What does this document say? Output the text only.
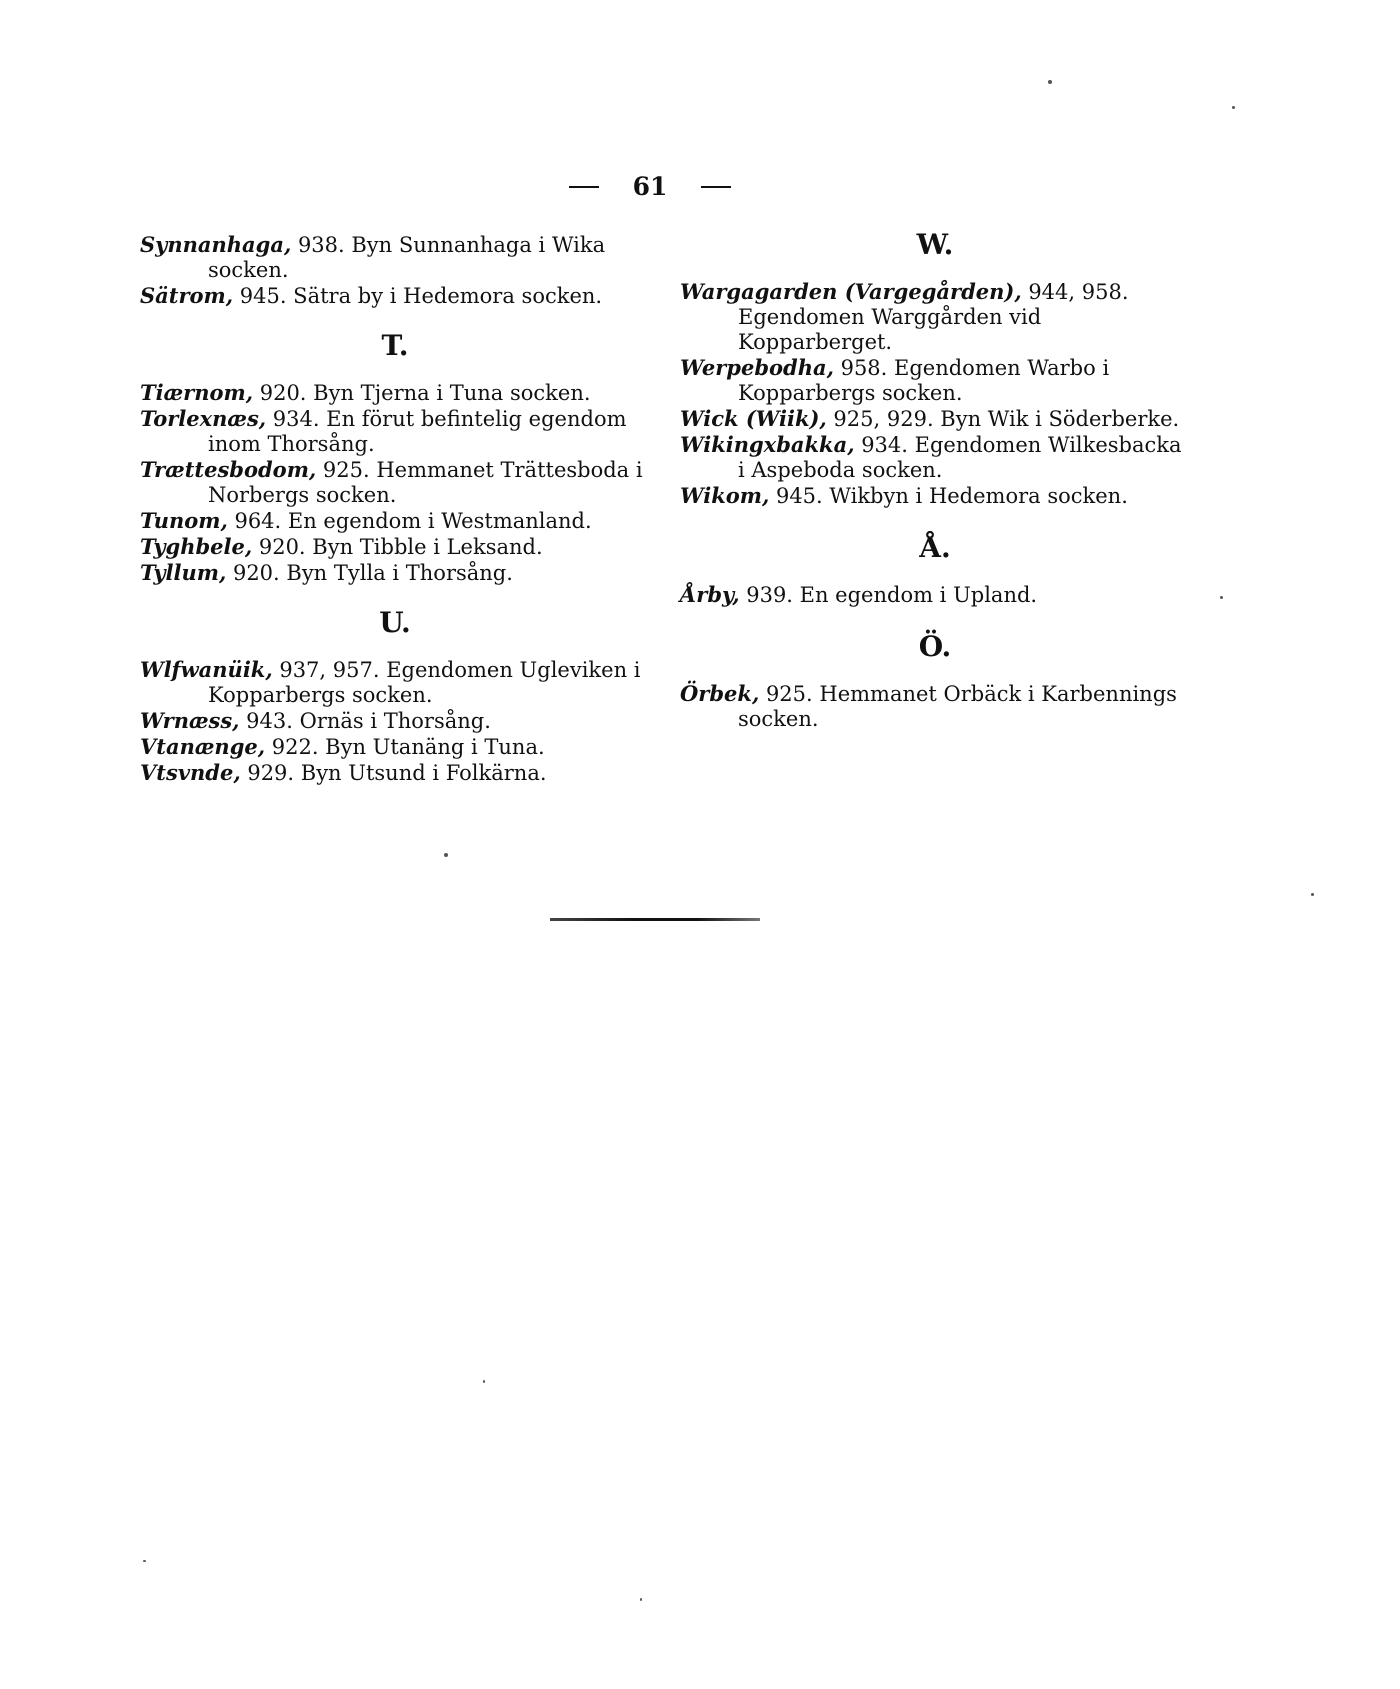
61

Synnanhaga, 938. Byn Sunnanhaga i Wika socken.

Sätrom, 945. Sätra by i Hedemora socken.

T.

Tiærnom, 920. Byn Tjerna i Tuna socken.

Torlexnæs, 934. En förut befintelig egendom inom Thorsång.

Trættesbodom, 925. Hemmanet Trättesboda i Norbergs socken.

Tunom, 964. En egendom i Westmanland.

Tyghbele, 920. Byn Tibble i Leksand.

Tyllum, 920. Byn Tylla i Thorsång.

U.

Wlfwanüik, 937, 957. Egendomen Ugleviken i Kopparbergs socken.

Wrnæss, 943. Ornäs i Thorsång.

Vtanænge, 922. Byn Utanäng i Tuna.

Vtsvnde, 929. Byn Utsund i Folkärna.

W.

Wargagarden (Vargegården), 944, 958. Egendomen Warggården vid Kopparberget.

Werpebodha, 958. Egendomen Warbo i Kopparbergs socken.

Wick (Wiik), 925, 929. Byn Wik i Söderberke.

Wikingxbakka, 934. Egendomen Wilkesbacka i Aspeboda socken.

Wikom, 945. Wikbyn i Hedemora socken.

Å.

Årby, 939. En egendom i Upland.

Ö.

Örbek, 925. Hemmanet Orbäck i Karbennings socken.
